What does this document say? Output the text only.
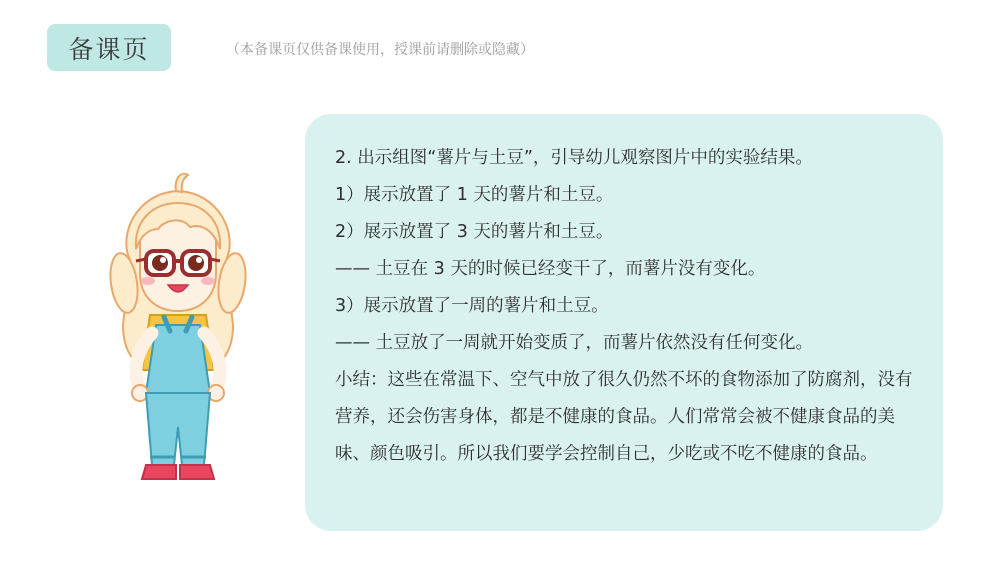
备课页	（本备课页仅供备课使用，授课前请删除或隐藏）
2. 出示组图“薯片与土豆”，引导幼儿观察图片中的实验结果。
1）展示放置了 1 天的薯片和土豆。
2）展示放置了 3 天的薯片和土豆。
—— 土豆在 3 天的时候已经变干了，而薯片没有变化。
3）展示放置了一周的薯片和土豆。
—— 土豆放了一周就开始变质了，而薯片依然没有任何变化。
小结：这些在常温下、空气中放了很久仍然不坏的食物添加了防腐剂，没有营养，还会伤害身体，都是不健康的食品。人们常常会被不健康食品的美味、颜色吸引。所以我们要学会控制自己，少吃或不吃不健康的食品。
